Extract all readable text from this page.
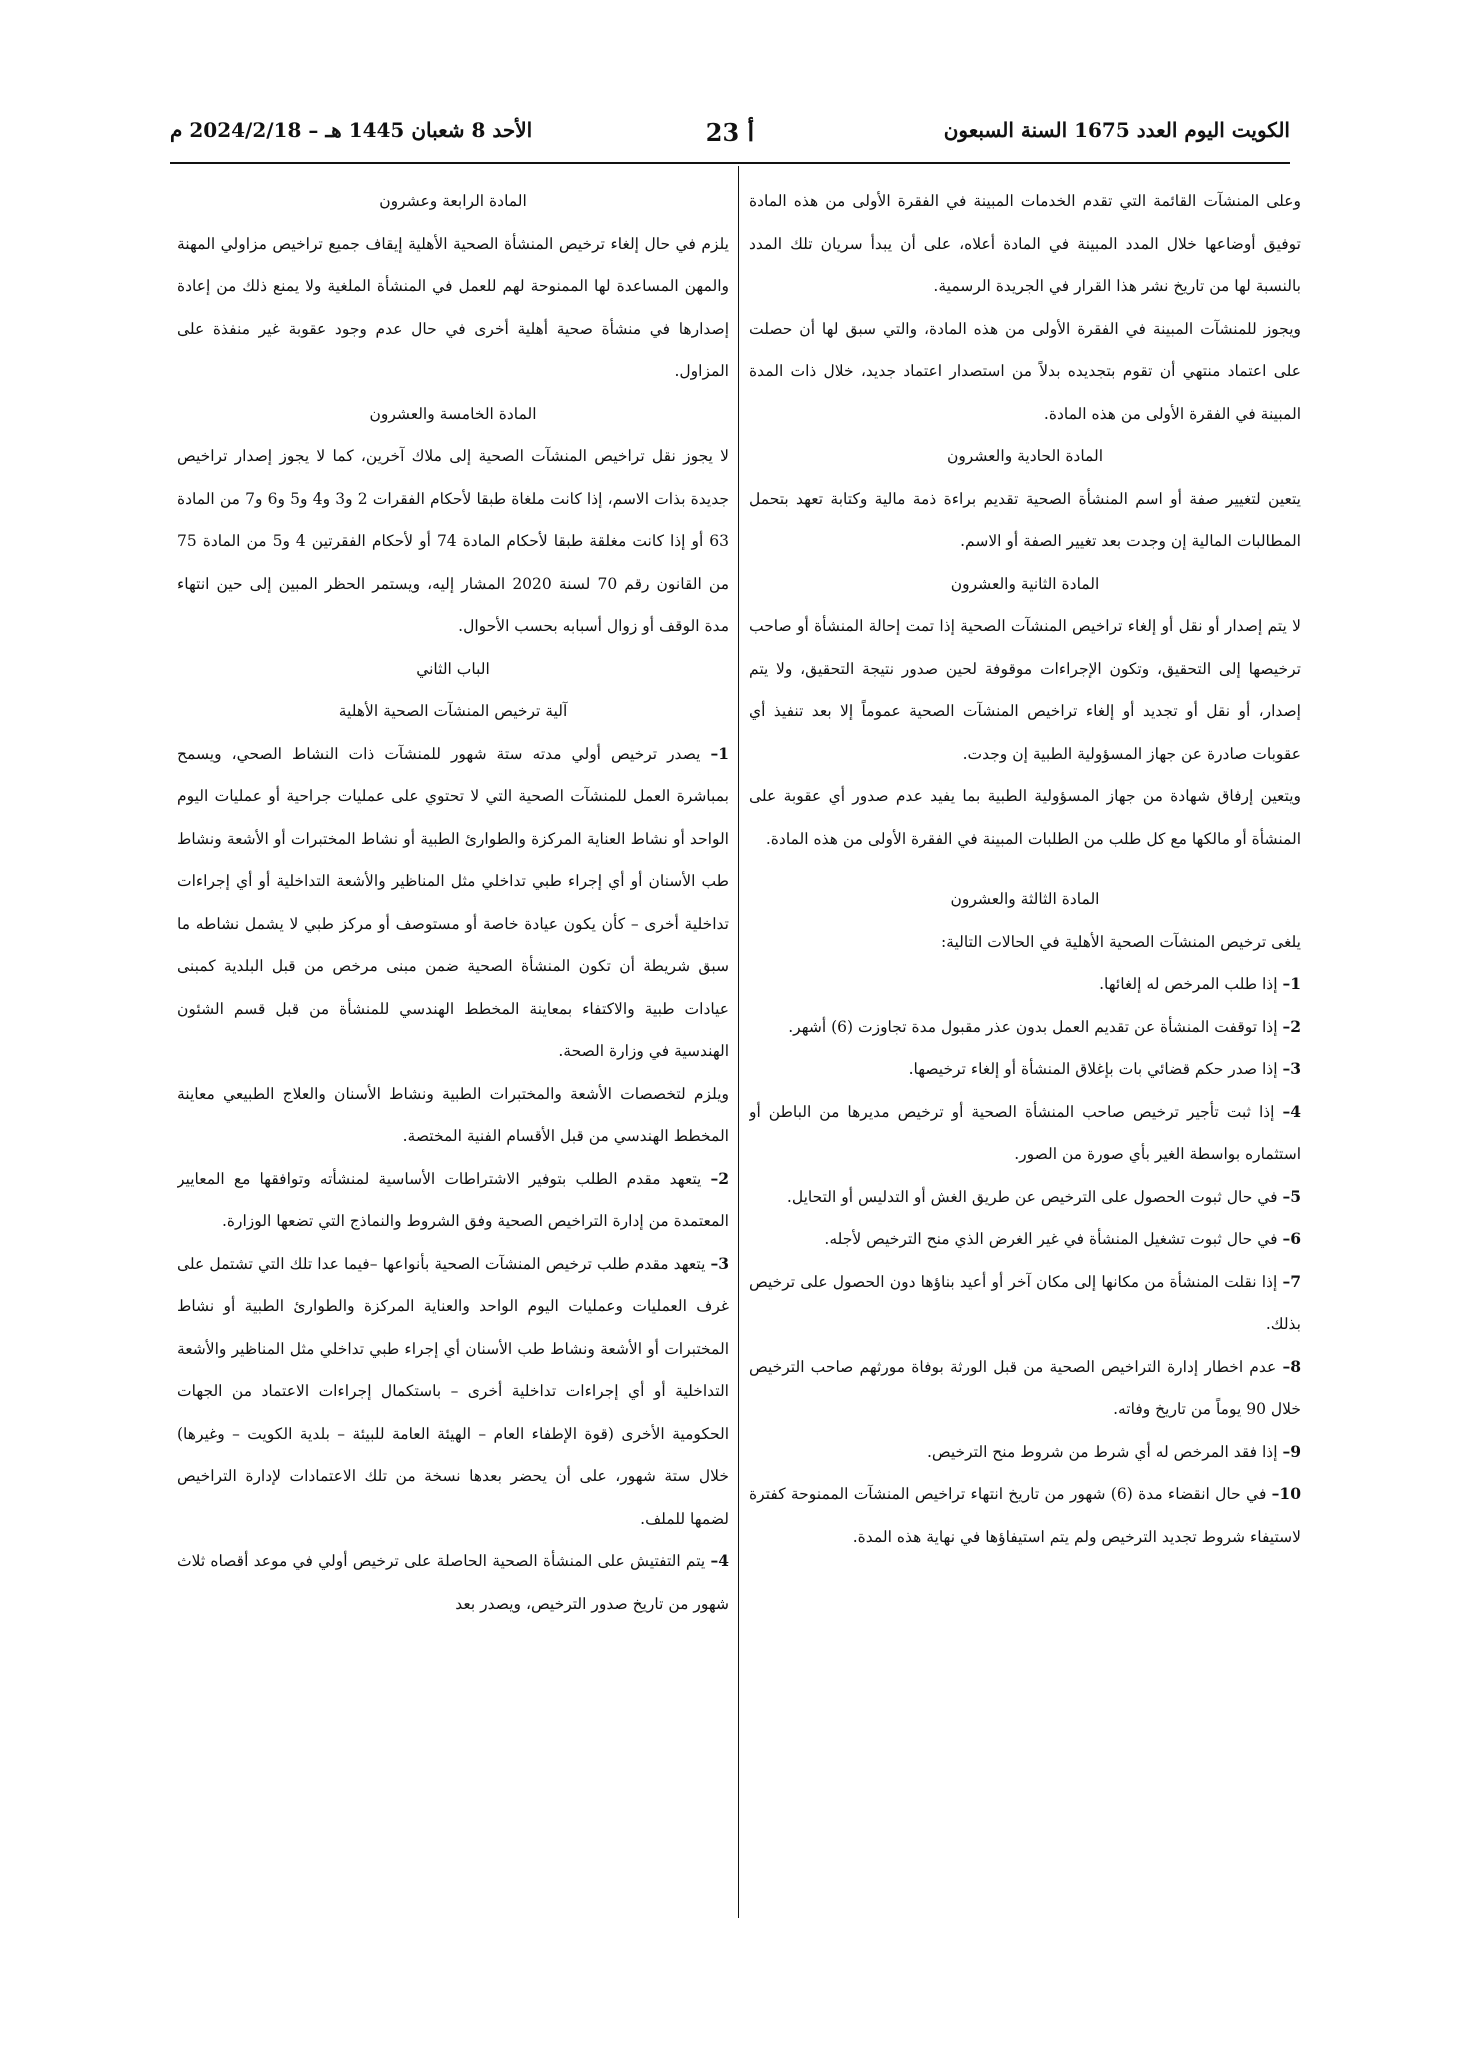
الكويت اليوم العدد 1675 السنة السبعون
أ 23
الأحد 8 شعبان 1445 هـ – 2024/2/18 م

وعلى المنشآت القائمة التي تقدم الخدمات المبينة في الفقرة الأولى من هذه المادة توفيق أوضاعها خلال المدد المبينة في المادة أعلاه، على أن يبدأ سريان تلك المدد بالنسبة لها من تاريخ نشر هذا القرار في الجريدة الرسمية.

ويجوز للمنشآت المبينة في الفقرة الأولى من هذه المادة، والتي سبق لها أن حصلت على اعتماد منتهي أن تقوم بتجديده بدلاً من استصدار اعتماد جديد، خلال ذات المدة المبينة في الفقرة الأولى من هذه المادة.

المادة الحادية والعشرون

يتعين لتغيير صفة أو اسم المنشأة الصحية تقديم براءة ذمة مالية وكتابة تعهد بتحمل المطالبات المالية إن وجدت بعد تغيير الصفة أو الاسم.

المادة الثانية والعشرون

لا يتم إصدار أو نقل أو إلغاء تراخيص المنشآت الصحية إذا تمت إحالة المنشأة أو صاحب ترخيصها إلى التحقيق، وتكون الإجراءات موقوفة لحين صدور نتيجة التحقيق، ولا يتم إصدار، أو نقل أو تجديد أو إلغاء تراخيص المنشآت الصحية عموماً إلا بعد تنفيذ أي عقوبات صادرة عن جهاز المسؤولية الطبية إن وجدت.

ويتعين إرفاق شهادة من جهاز المسؤولية الطبية بما يفيد عدم صدور أي عقوبة على المنشأة أو مالكها مع كل طلب من الطلبات المبينة في الفقرة الأولى من هذه المادة.

المادة الثالثة والعشرون

يلغى ترخيص المنشآت الصحية الأهلية في الحالات التالية:

1– إذا طلب المرخص له إلغائها.

2– إذا توقفت المنشأة عن تقديم العمل بدون عذر مقبول مدة تجاوزت (6) أشهر.

3– إذا صدر حكم قضائي بات بإغلاق المنشأة أو إلغاء ترخيصها.

4– إذا ثبت تأجير ترخيص صاحب المنشأة الصحية أو ترخيص مديرها من الباطن أو استثماره بواسطة الغير بأي صورة من الصور.

5– في حال ثبوت الحصول على الترخيص عن طريق الغش أو التدليس أو التحايل.

6– في حال ثبوت تشغيل المنشأة في غير الغرض الذي منح الترخيص لأجله.

7– إذا نقلت المنشأة من مكانها إلى مكان آخر أو أعيد بناؤها دون الحصول على ترخيص بذلك.

8– عدم اخطار إدارة التراخيص الصحية من قبل الورثة بوفاة مورثهم صاحب الترخيص خلال 90 يوماً من تاريخ وفاته.

9– إذا فقد المرخص له أي شرط من شروط منح الترخيص.

10– في حال انقضاء مدة (6) شهور من تاريخ انتهاء تراخيص المنشآت الممنوحة كفترة لاستيفاء شروط تجديد الترخيص ولم يتم استيفاؤها في نهاية هذه المدة.

المادة الرابعة وعشرون

يلزم في حال إلغاء ترخيص المنشأة الصحية الأهلية إيقاف جميع تراخيص مزاولي المهنة والمهن المساعدة لها الممنوحة لهم للعمل في المنشأة الملغية ولا يمنع ذلك من إعادة إصدارها في منشأة صحية أهلية أخرى في حال عدم وجود عقوبة غير منفذة على المزاول.

المادة الخامسة والعشرون

لا يجوز نقل تراخيص المنشآت الصحية إلى ملاك آخرين، كما لا يجوز إصدار تراخيص جديدة بذات الاسم، إذا كانت ملغاة طبقا لأحكام الفقرات 2 و3 و4 و5 و6 و7 من المادة 63 أو إذا كانت مغلقة طبقا لأحكام المادة 74 أو لأحكام الفقرتين 4 و5 من المادة 75 من القانون رقم 70 لسنة 2020 المشار إليه، ويستمر الحظر المبين إلى حين انتهاء مدة الوقف أو زوال أسبابه بحسب الأحوال.

الباب الثاني

آلية ترخيص المنشآت الصحية الأهلية

1– يصدر ترخيص أولي مدته ستة شهور للمنشآت ذات النشاط الصحي، ويسمح بمباشرة العمل للمنشآت الصحية التي لا تحتوي على عمليات جراحية أو عمليات اليوم الواحد أو نشاط العناية المركزة والطوارئ الطبية أو نشاط المختبرات أو الأشعة ونشاط طب الأسنان أو أي إجراء طبي تداخلي مثل المناظير والأشعة التداخلية أو أي إجراءات تداخلية أخرى – كأن يكون عيادة خاصة أو مستوصف أو مركز طبي لا يشمل نشاطه ما سبق شريطة أن تكون المنشأة الصحية ضمن مبنى مرخص من قبل البلدية كمبنى عيادات طبية والاكتفاء بمعاينة المخطط الهندسي للمنشأة من قبل قسم الشئون الهندسية في وزارة الصحة.

ويلزم لتخصصات الأشعة والمختبرات الطبية ونشاط الأسنان والعلاج الطبيعي معاينة المخطط الهندسي من قبل الأقسام الفنية المختصة.

2– يتعهد مقدم الطلب بتوفير الاشتراطات الأساسية لمنشأته وتوافقها مع المعايير المعتمدة من إدارة التراخيص الصحية وفق الشروط والنماذج التي تضعها الوزارة.

3– يتعهد مقدم طلب ترخيص المنشآت الصحية بأنواعها –فيما عدا تلك التي تشتمل على غرف العمليات وعمليات اليوم الواحد والعناية المركزة والطوارئ الطبية أو نشاط المختبرات أو الأشعة ونشاط طب الأسنان أي إجراء طبي تداخلي مثل المناظير والأشعة التداخلية أو أي إجراءات تداخلية أخرى – باستكمال إجراءات الاعتماد من الجهات الحكومية الأخرى (قوة الإطفاء العام – الهيئة العامة للبيئة – بلدية الكويت – وغيرها) خلال ستة شهور، على أن يحضر بعدها نسخة من تلك الاعتمادات لإدارة التراخيص لضمها للملف.

4– يتم التفتيش على المنشأة الصحية الحاصلة على ترخيص أولي في موعد أقصاه ثلاث شهور من تاريخ صدور الترخيص، ويصدر بعد
